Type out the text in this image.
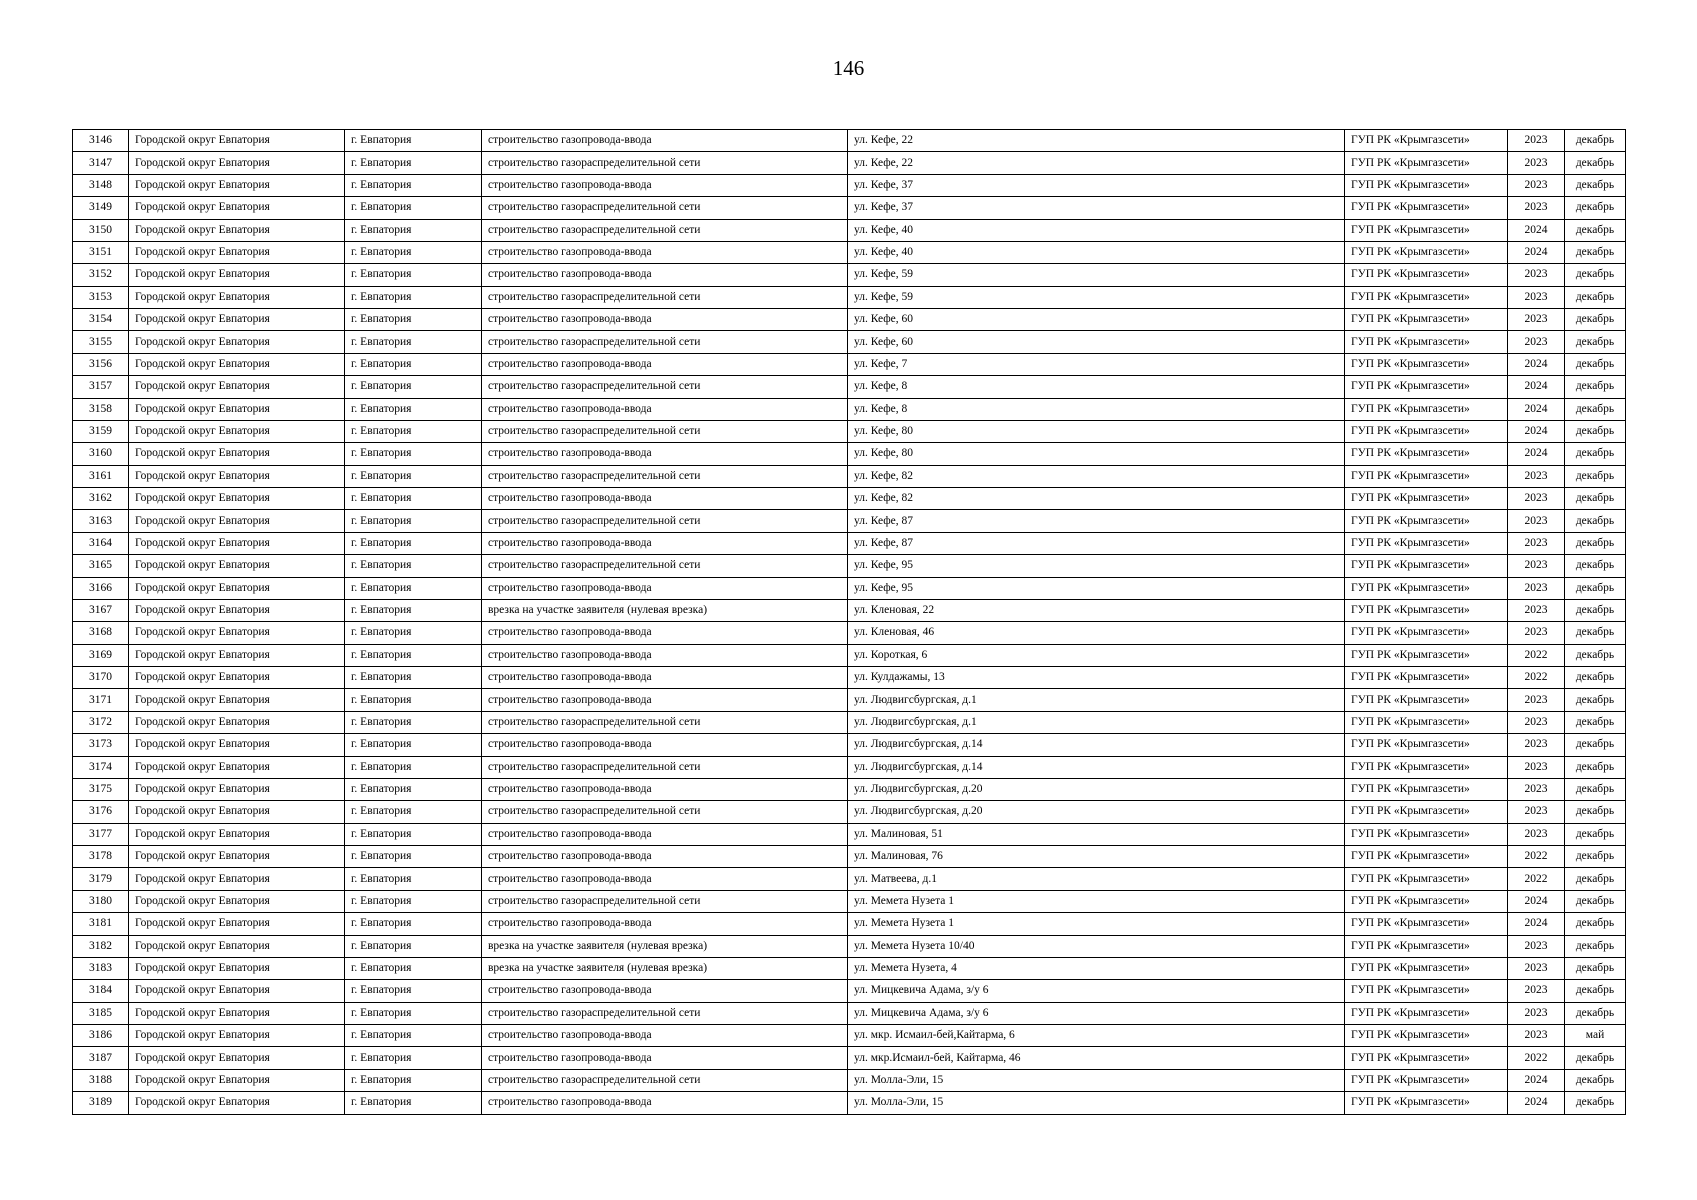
146
3146	Городской округ Евпатория	г. Евпатория	строительство газопровода-ввода	ул. Кефе, 22	ГУП РК «Крымгазсети»	2023	декабрь
3147	Городской округ Евпатория	г. Евпатория	строительство газораспределительной сети	ул. Кефе, 22	ГУП РК «Крымгазсети»	2023	декабрь
3148	Городской округ Евпатория	г. Евпатория	строительство газопровода-ввода	ул. Кефе, 37	ГУП РК «Крымгазсети»	2023	декабрь
3149	Городской округ Евпатория	г. Евпатория	строительство газораспределительной сети	ул. Кефе, 37	ГУП РК «Крымгазсети»	2023	декабрь
3150	Городской округ Евпатория	г. Евпатория	строительство газораспределительной сети	ул. Кефе, 40	ГУП РК «Крымгазсети»	2024	декабрь
3151	Городской округ Евпатория	г. Евпатория	строительство газопровода-ввода	ул. Кефе, 40	ГУП РК «Крымгазсети»	2024	декабрь
3152	Городской округ Евпатория	г. Евпатория	строительство газопровода-ввода	ул. Кефе, 59	ГУП РК «Крымгазсети»	2023	декабрь
3153	Городской округ Евпатория	г. Евпатория	строительство газораспределительной сети	ул. Кефе, 59	ГУП РК «Крымгазсети»	2023	декабрь
3154	Городской округ Евпатория	г. Евпатория	строительство газопровода-ввода	ул. Кефе, 60	ГУП РК «Крымгазсети»	2023	декабрь
3155	Городской округ Евпатория	г. Евпатория	строительство газораспределительной сети	ул. Кефе, 60	ГУП РК «Крымгазсети»	2023	декабрь
3156	Городской округ Евпатория	г. Евпатория	строительство газопровода-ввода	ул. Кефе, 7	ГУП РК «Крымгазсети»	2024	декабрь
3157	Городской округ Евпатория	г. Евпатория	строительство газораспределительной сети	ул. Кефе, 8	ГУП РК «Крымгазсети»	2024	декабрь
3158	Городской округ Евпатория	г. Евпатория	строительство газопровода-ввода	ул. Кефе, 8	ГУП РК «Крымгазсети»	2024	декабрь
3159	Городской округ Евпатория	г. Евпатория	строительство газораспределительной сети	ул. Кефе, 80	ГУП РК «Крымгазсети»	2024	декабрь
3160	Городской округ Евпатория	г. Евпатория	строительство газопровода-ввода	ул. Кефе, 80	ГУП РК «Крымгазсети»	2024	декабрь
3161	Городской округ Евпатория	г. Евпатория	строительство газораспределительной сети	ул. Кефе, 82	ГУП РК «Крымгазсети»	2023	декабрь
3162	Городской округ Евпатория	г. Евпатория	строительство газопровода-ввода	ул. Кефе, 82	ГУП РК «Крымгазсети»	2023	декабрь
3163	Городской округ Евпатория	г. Евпатория	строительство газораспределительной сети	ул. Кефе, 87	ГУП РК «Крымгазсети»	2023	декабрь
3164	Городской округ Евпатория	г. Евпатория	строительство газопровода-ввода	ул. Кефе, 87	ГУП РК «Крымгазсети»	2023	декабрь
3165	Городской округ Евпатория	г. Евпатория	строительство газораспределительной сети	ул. Кефе, 95	ГУП РК «Крымгазсети»	2023	декабрь
3166	Городской округ Евпатория	г. Евпатория	строительство газопровода-ввода	ул. Кефе, 95	ГУП РК «Крымгазсети»	2023	декабрь
3167	Городской округ Евпатория	г. Евпатория	врезка на участке заявителя (нулевая врезка)	ул. Кленовая, 22	ГУП РК «Крымгазсети»	2023	декабрь
3168	Городской округ Евпатория	г. Евпатория	строительство газопровода-ввода	ул. Кленовая, 46	ГУП РК «Крымгазсети»	2023	декабрь
3169	Городской округ Евпатория	г. Евпатория	строительство газопровода-ввода	ул. Короткая, 6	ГУП РК «Крымгазсети»	2022	декабрь
3170	Городской округ Евпатория	г. Евпатория	строительство газопровода-ввода	ул. Кулдажамы, 13	ГУП РК «Крымгазсети»	2022	декабрь
3171	Городской округ Евпатория	г. Евпатория	строительство газопровода-ввода	ул. Людвигсбургская, д.1	ГУП РК «Крымгазсети»	2023	декабрь
3172	Городской округ Евпатория	г. Евпатория	строительство газораспределительной сети	ул. Людвигсбургская, д.1	ГУП РК «Крымгазсети»	2023	декабрь
3173	Городской округ Евпатория	г. Евпатория	строительство газопровода-ввода	ул. Людвигсбургская, д.14	ГУП РК «Крымгазсети»	2023	декабрь
3174	Городской округ Евпатория	г. Евпатория	строительство газораспределительной сети	ул. Людвигсбургская, д.14	ГУП РК «Крымгазсети»	2023	декабрь
3175	Городской округ Евпатория	г. Евпатория	строительство газопровода-ввода	ул. Людвигсбургская, д.20	ГУП РК «Крымгазсети»	2023	декабрь
3176	Городской округ Евпатория	г. Евпатория	строительство газораспределительной сети	ул. Людвигсбургская, д.20	ГУП РК «Крымгазсети»	2023	декабрь
3177	Городской округ Евпатория	г. Евпатория	строительство газопровода-ввода	ул. Малиновая, 51	ГУП РК «Крымгазсети»	2023	декабрь
3178	Городской округ Евпатория	г. Евпатория	строительство газопровода-ввода	ул. Малиновая, 76	ГУП РК «Крымгазсети»	2022	декабрь
3179	Городской округ Евпатория	г. Евпатория	строительство газопровода-ввода	ул. Матвеева, д.1	ГУП РК «Крымгазсети»	2022	декабрь
3180	Городской округ Евпатория	г. Евпатория	строительство газораспределительной сети	ул. Мемета Нузета 1	ГУП РК «Крымгазсети»	2024	декабрь
3181	Городской округ Евпатория	г. Евпатория	строительство газопровода-ввода	ул. Мемета Нузета 1	ГУП РК «Крымгазсети»	2024	декабрь
3182	Городской округ Евпатория	г. Евпатория	врезка на участке заявителя (нулевая врезка)	ул. Мемета Нузета 10/40	ГУП РК «Крымгазсети»	2023	декабрь
3183	Городской округ Евпатория	г. Евпатория	врезка на участке заявителя (нулевая врезка)	ул. Мемета Нузета, 4	ГУП РК «Крымгазсети»	2023	декабрь
3184	Городской округ Евпатория	г. Евпатория	строительство газопровода-ввода	ул. Мицкевича Адама, з/у 6	ГУП РК «Крымгазсети»	2023	декабрь
3185	Городской округ Евпатория	г. Евпатория	строительство газораспределительной сети	ул. Мицкевича Адама, з/у 6	ГУП РК «Крымгазсети»	2023	декабрь
3186	Городской округ Евпатория	г. Евпатория	строительство газопровода-ввода	ул. мкр. Исмаил-бей,Кайтарма, 6	ГУП РК «Крымгазсети»	2023	май
3187	Городской округ Евпатория	г. Евпатория	строительство газопровода-ввода	ул. мкр.Исмаил-бей, Кайтарма, 46	ГУП РК «Крымгазсети»	2022	декабрь
3188	Городской округ Евпатория	г. Евпатория	строительство газораспределительной сети	ул. Молла-Эли, 15	ГУП РК «Крымгазсети»	2024	декабрь
3189	Городской округ Евпатория	г. Евпатория	строительство газопровода-ввода	ул. Молла-Эли, 15	ГУП РК «Крымгазсети»	2024	декабрь
